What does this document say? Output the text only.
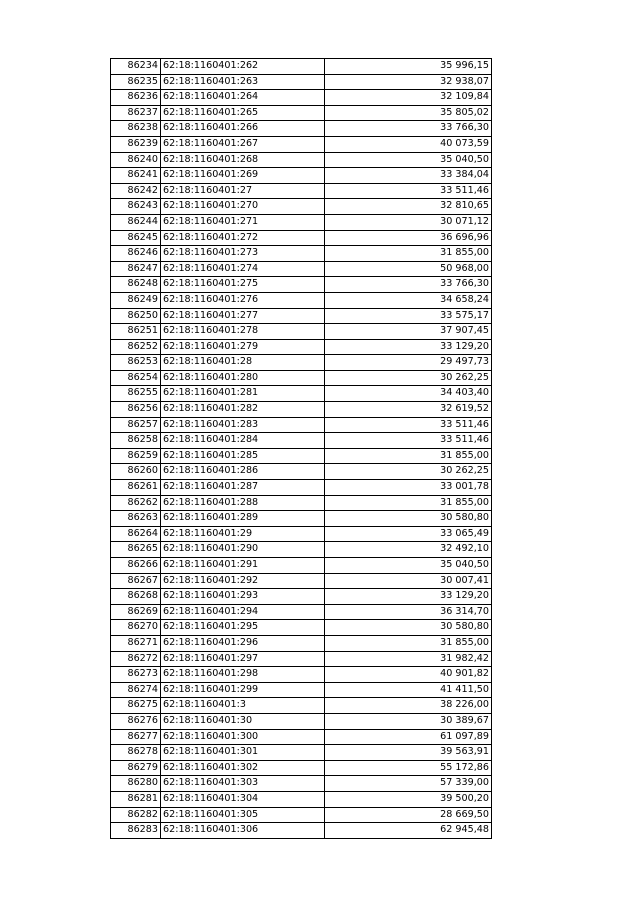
86234	62:18:1160401:262	35 996,15
86235	62:18:1160401:263	32 938,07
86236	62:18:1160401:264	32 109,84
86237	62:18:1160401:265	35 805,02
86238	62:18:1160401:266	33 766,30
86239	62:18:1160401:267	40 073,59
86240	62:18:1160401:268	35 040,50
86241	62:18:1160401:269	33 384,04
86242	62:18:1160401:27	33 511,46
86243	62:18:1160401:270	32 810,65
86244	62:18:1160401:271	30 071,12
86245	62:18:1160401:272	36 696,96
86246	62:18:1160401:273	31 855,00
86247	62:18:1160401:274	50 968,00
86248	62:18:1160401:275	33 766,30
86249	62:18:1160401:276	34 658,24
86250	62:18:1160401:277	33 575,17
86251	62:18:1160401:278	37 907,45
86252	62:18:1160401:279	33 129,20
86253	62:18:1160401:28	29 497,73
86254	62:18:1160401:280	30 262,25
86255	62:18:1160401:281	34 403,40
86256	62:18:1160401:282	32 619,52
86257	62:18:1160401:283	33 511,46
86258	62:18:1160401:284	33 511,46
86259	62:18:1160401:285	31 855,00
86260	62:18:1160401:286	30 262,25
86261	62:18:1160401:287	33 001,78
86262	62:18:1160401:288	31 855,00
86263	62:18:1160401:289	30 580,80
86264	62:18:1160401:29	33 065,49
86265	62:18:1160401:290	32 492,10
86266	62:18:1160401:291	35 040,50
86267	62:18:1160401:292	30 007,41
86268	62:18:1160401:293	33 129,20
86269	62:18:1160401:294	36 314,70
86270	62:18:1160401:295	30 580,80
86271	62:18:1160401:296	31 855,00
86272	62:18:1160401:297	31 982,42
86273	62:18:1160401:298	40 901,82
86274	62:18:1160401:299	41 411,50
86275	62:18:1160401:3	38 226,00
86276	62:18:1160401:30	30 389,67
86277	62:18:1160401:300	61 097,89
86278	62:18:1160401:301	39 563,91
86279	62:18:1160401:302	55 172,86
86280	62:18:1160401:303	57 339,00
86281	62:18:1160401:304	39 500,20
86282	62:18:1160401:305	28 669,50
86283	62:18:1160401:306	62 945,48
